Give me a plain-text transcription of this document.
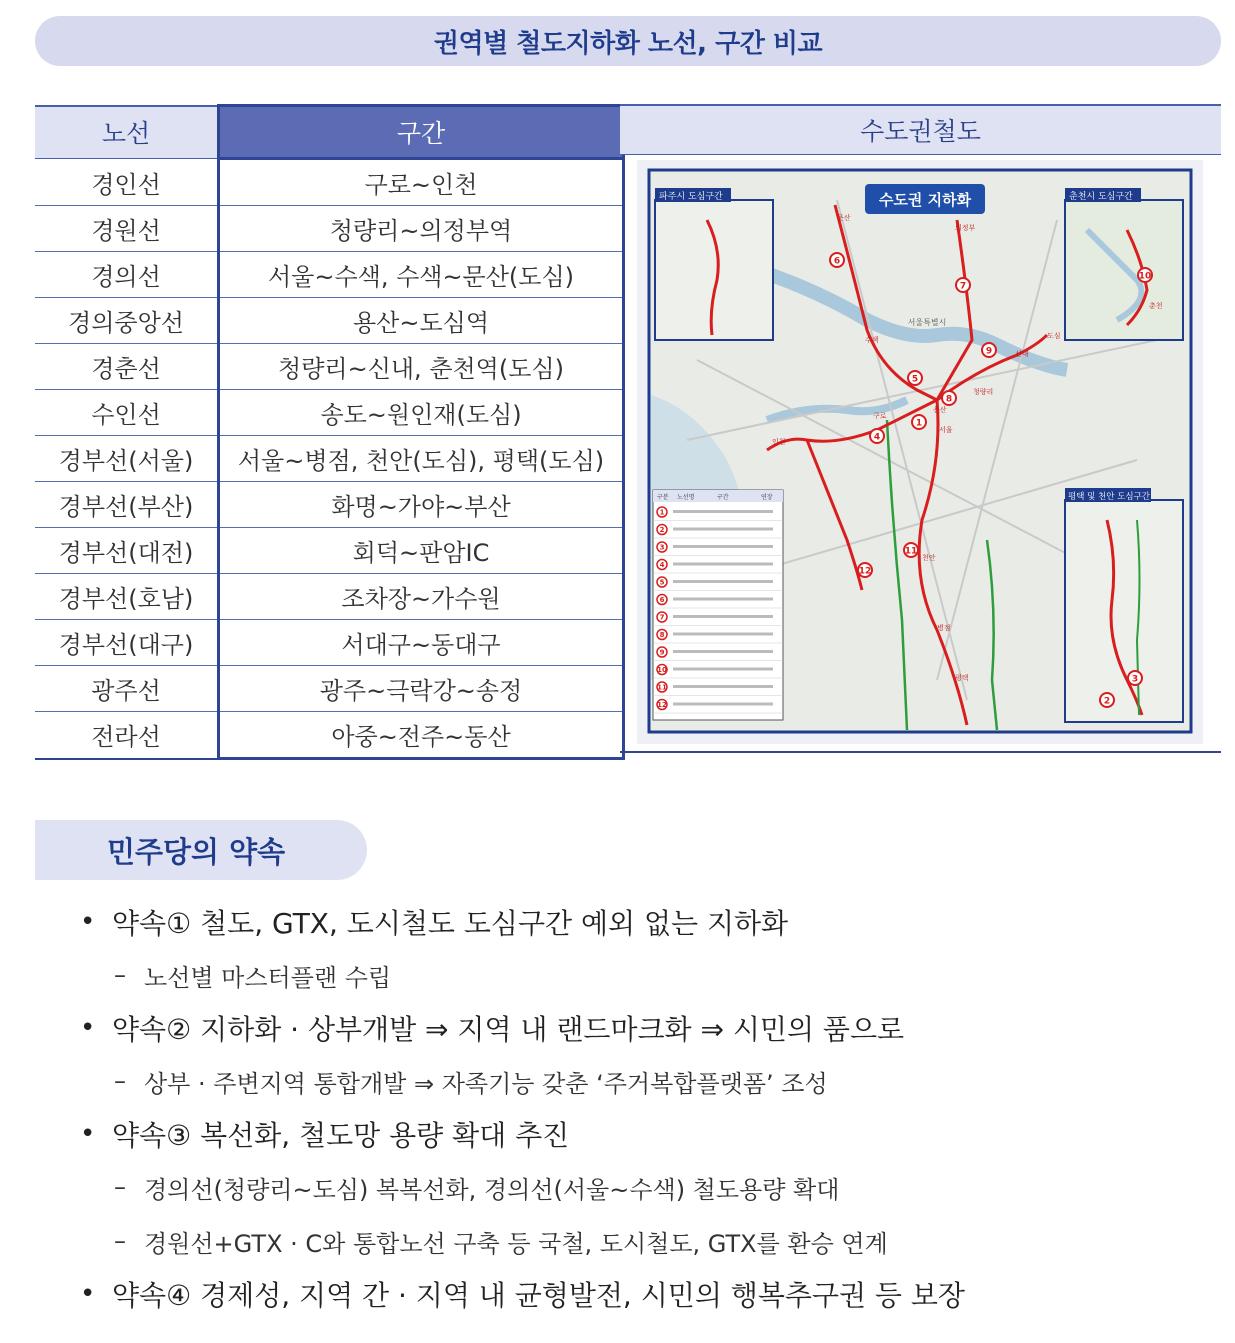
권역별 철도지하화 노선, 구간 비교
노선	구간
경인선	구로~인천
경원선	청량리~의정부역
경의선	서울~수색, 수색~문산(도심)
경의중앙선	용산~도심역
경춘선	청량리~신내, 춘천역(도심)
수인선	송도~원인재(도심)
경부선(서울)	서울~병점, 천안(도심), 평택(도심)
경부선(부산)	화명~가야~부산
경부선(대전)	회덕~판암IC
경부선(호남)	조차장~가수원
경부선(대구)	서대구~동대구
광주선	광주~극락강~송정
전라선	아중~전주~동산
수도권철도
수도권 지하화
서울특별시
파주시 도심구간	춘천시 도심구간
평택 및 천안 도심구간
구분 노선명	구간	연장
1
2
3
4
5
6
7
8
9
10
11
12
1
2
3
4
5
6
7
8
9
10
11
12
인천
구로
서울
용산
수색
문산
의정부
청량리
신내
춘천
병점
천안
평택
도심
민주당의 약속
• 약속① 철도, GTX, 도시철도 도심구간 예외 없는 지하화
– 노선별 마스터플랜 수립
• 약속② 지하화 · 상부개발 ⇒ 지역 내 랜드마크화 ⇒ 시민의 품으로
– 상부 · 주변지역 통합개발 ⇒ 자족기능 갖춘 ‘주거복합플랫폼’ 조성
• 약속③ 복선화, 철도망 용량 확대 추진
– 경의선(청량리~도심) 복복선화, 경의선(서울~수색) 철도용량 확대
– 경원선+GTX · C와 통합노선 구축 등 국철, 도시철도, GTX를 환승 연계
• 약속④ 경제성, 지역 간 · 지역 내 균형발전, 시민의 행복추구권 등 보장
